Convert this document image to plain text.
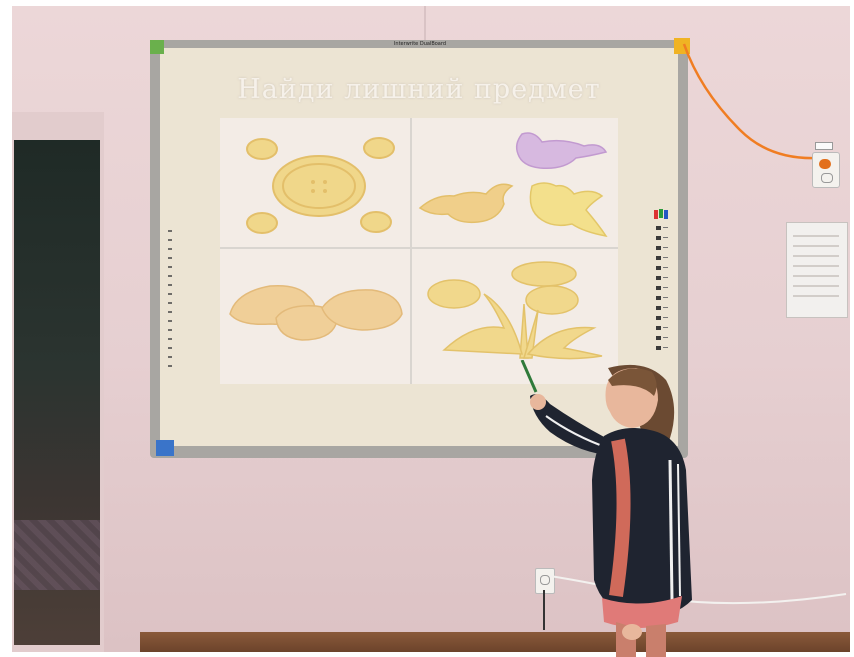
Interwrite DualBoard
Найди лишний предмет
